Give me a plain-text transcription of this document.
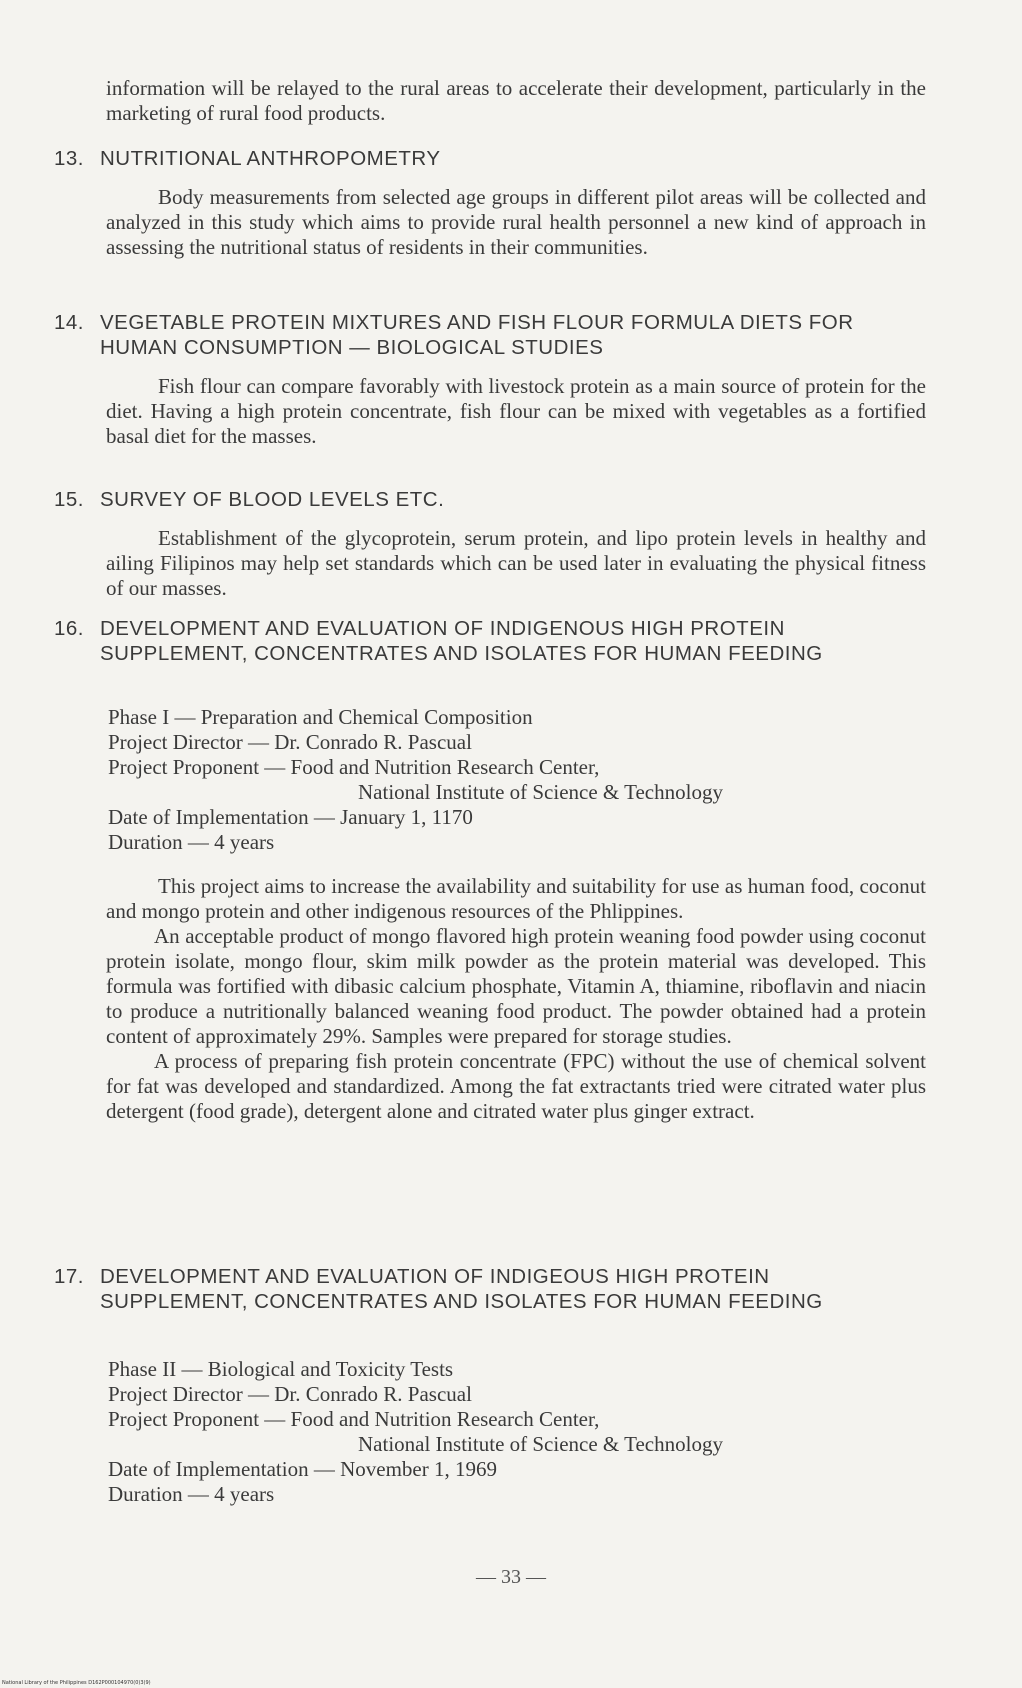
information will be relayed to the rural areas to accelerate their development, particularly in the marketing of rural food products.

13. NUTRITIONAL ANTHROPOMETRY

Body measurements from selected age groups in different pilot areas will be collected and analyzed in this study which aims to provide rural health personnel a new kind of approach in assessing the nutritional status of residents in their communities.

14. VEGETABLE PROTEIN MIXTURES AND FISH FLOUR FORMULA DIETS FOR HUMAN CONSUMPTION — BIOLOGICAL STUDIES

Fish flour can compare favorably with livestock protein as a main source of protein for the diet. Having a high protein concentrate, fish flour can be mixed with vegetables as a fortified basal diet for the masses.

15. SURVEY OF BLOOD LEVELS ETC.

Establishment of the glycoprotein, serum protein, and lipo protein levels in healthy and ailing Filipinos may help set standards which can be used later in evaluating the physical fitness of our masses.

16. DEVELOPMENT AND EVALUATION OF INDIGENOUS HIGH PROTEIN SUPPLEMENT, CONCENTRATES AND ISOLATES FOR HUMAN FEEDING
Phase I — Preparation and Chemical Composition
Project Director — Dr. Conrado R. Pascual
Project Proponent — Food and Nutrition Research Center,
National Institute of Science & Technology
Date of Implementation — January 1, 1170
Duration — 4 years

This project aims to increase the availability and suitability for use as human food, coconut and mongo protein and other indigenous resources of the Phlippines.

An acceptable product of mongo flavored high protein weaning food powder using coconut protein isolate, mongo flour, skim milk powder as the protein material was developed. This formula was fortified with dibasic calcium phosphate, Vitamin A, thiamine, riboflavin and niacin to produce a nutritionally balanced weaning food product. The powder obtained had a protein content of approximately 29%. Samples were prepared for storage studies.

A process of preparing fish protein concentrate (FPC) without the use of chemical solvent for fat was developed and standardized. Among the fat extractants tried were citrated water plus detergent (food grade), detergent alone and citrated water plus ginger extract.

17. DEVELOPMENT AND EVALUATION OF INDIGEOUS HIGH PROTEIN SUPPLEMENT, CONCENTRATES AND ISOLATES FOR HUMAN FEEDING
Phase II — Biological and Toxicity Tests
Project Director — Dr. Conrado R. Pascual
Project Proponent — Food and Nutrition Research Center,
National Institute of Science & Technology
Date of Implementation — November 1, 1969
Duration — 4 years
— 33 —
National Library of the Philippines D162P000104970(0)3(9)
